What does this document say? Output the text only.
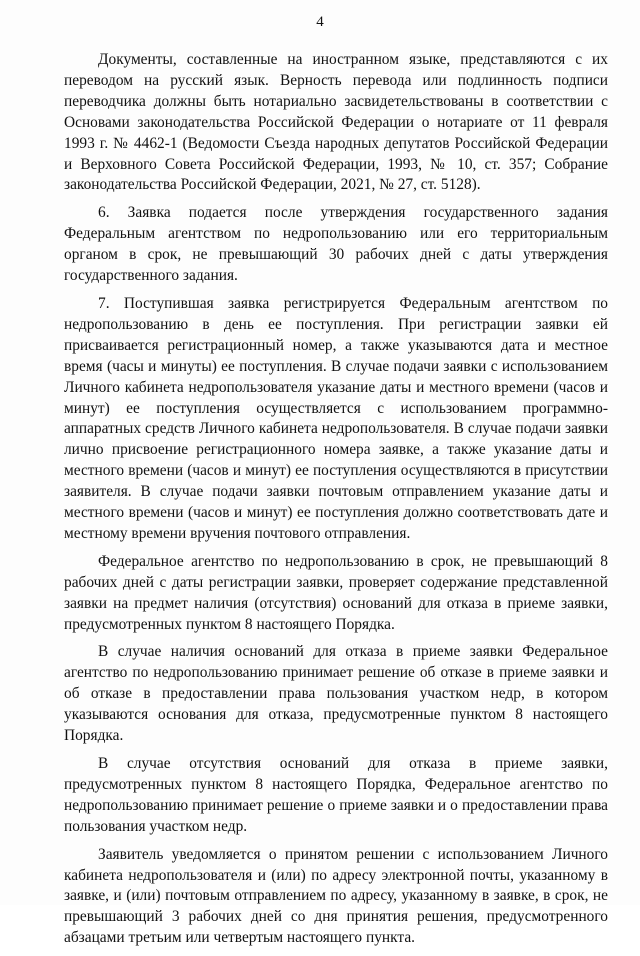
4

Документы, составленные на иностранном языке, представляются с их переводом на русский язык. Верность перевода или подлинность подписи переводчика должны быть нотариально засвидетельствованы в соответствии с Основами законодательства Российской Федерации о нотариате от 11 февраля 1993 г. № 4462-1 (Ведомости Съезда народных депутатов Российской Федерации и Верховного Совета Российской Федерации, 1993, № 10, ст. 357; Собрание законодательства Российской Федерации, 2021, № 27, ст. 5128).

6. Заявка подается после утверждения государственного задания Федеральным агентством по недропользованию или его территориальным органом в срок, не превышающий 30 рабочих дней с даты утверждения государственного задания.

7. Поступившая заявка регистрируется Федеральным агентством по недропользованию в день ее поступления. При регистрации заявки ей присваивается регистрационный номер, а также указываются дата и местное время (часы и минуты) ее поступления. В случае подачи заявки с использованием Личного кабинета недропользователя указание даты и местного времени (часов и минут) ее поступления осуществляется с использованием программно-аппаратных средств Личного кабинета недропользователя. В случае подачи заявки лично присвоение регистрационного номера заявке, а также указание даты и местного времени (часов и минут) ее поступления осуществляются в присутствии заявителя. В случае подачи заявки почтовым отправлением указание даты и местного времени (часов и минут) ее поступления должно соответствовать дате и местному времени вручения почтового отправления.

Федеральное агентство по недропользованию в срок, не превышающий 8 рабочих дней с даты регистрации заявки, проверяет содержание представленной заявки на предмет наличия (отсутствия) оснований для отказа в приеме заявки, предусмотренных пунктом 8 настоящего Порядка.

В случае наличия оснований для отказа в приеме заявки Федеральное агентство по недропользованию принимает решение об отказе в приеме заявки и об отказе в предоставлении права пользования участком недр, в котором указываются основания для отказа, предусмотренные пунктом 8 настоящего Порядка.

В случае отсутствия оснований для отказа в приеме заявки, предусмотренных пунктом 8 настоящего Порядка, Федеральное агентство по недропользованию принимает решение о приеме заявки и о предоставлении права пользования участком недр.

Заявитель уведомляется о принятом решении с использованием Личного кабинета недропользователя и (или) по адресу электронной почты, указанному в заявке, и (или) почтовым отправлением по адресу, указанному в заявке, в срок, не превышающий 3 рабочих дней со дня принятия решения, предусмотренного абзацами третьим или четвертым настоящего пункта.
